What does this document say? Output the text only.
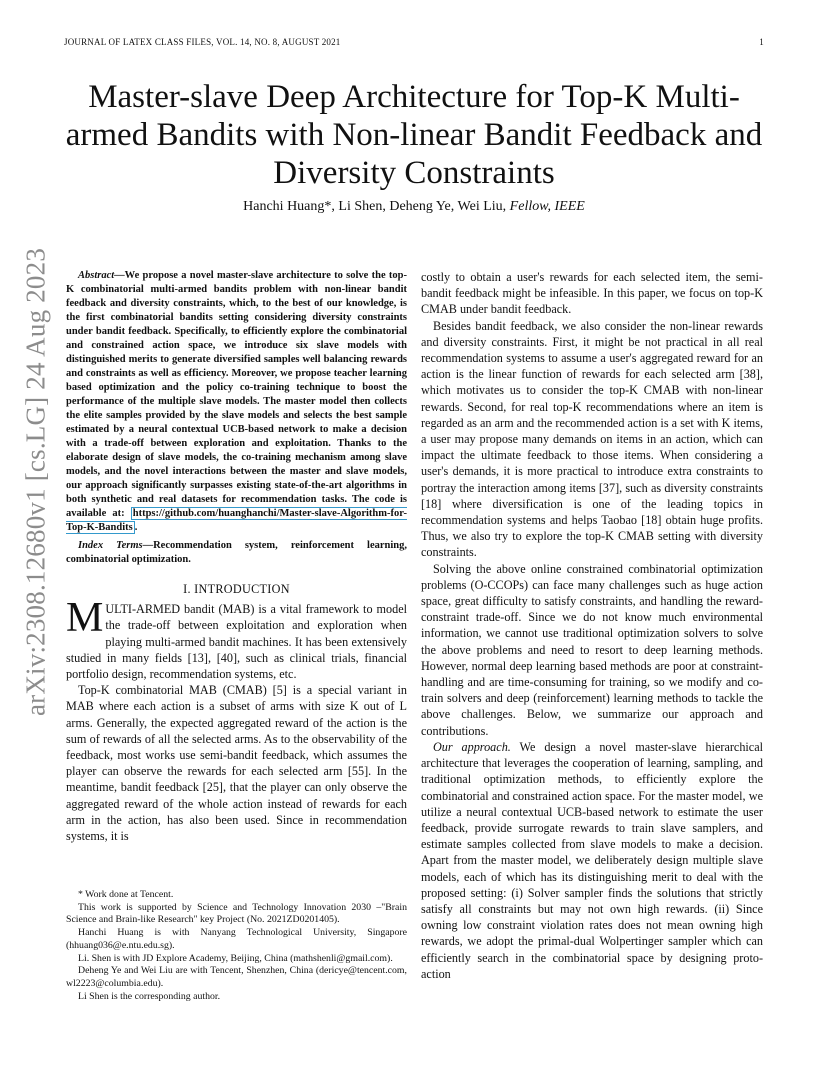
JOURNAL OF LATEX CLASS FILES, VOL. 14, NO. 8, AUGUST 2021	1
arXiv:2308.12680v1 [cs.LG] 24 Aug 2023
Master-slave Deep Architecture for Top-K Multi-armed Bandits with Non-linear Bandit Feedback and Diversity Constraints
Hanchi Huang*, Li Shen, Deheng Ye, Wei Liu, Fellow, IEEE

Abstract—We propose a novel master-slave architecture to solve the top-K combinatorial multi-armed bandits problem with non-linear bandit feedback and diversity constraints, which, to the best of our knowledge, is the first combinatorial bandits setting considering diversity constraints under bandit feedback. Specifically, to efficiently explore the combinatorial and constrained action space, we introduce six slave models with distinguished merits to generate diversified samples well balancing rewards and constraints as well as efficiency. Moreover, we propose teacher learning based optimization and the policy co-training technique to boost the performance of the multiple slave models. The master model then collects the elite samples provided by the slave models and selects the best sample estimated by a neural contextual UCB-based network to make a decision with a trade-off between exploration and exploitation. Thanks to the elaborate design of slave models, the co-training mechanism among slave models, and the novel interactions between the master and slave models, our approach significantly surpasses existing state-of-the-art algorithms in both synthetic and real datasets for recommendation tasks. The code is available at: https://github.com/huanghanchi/Master-slave-Algorithm-for-Top-K-Bandits .

Index Terms—Recommendation system, reinforcement learning, combinatorial optimization.

I. INTRODUCTION

MULTI-ARMED bandit (MAB) is a vital framework to model the trade-off between exploitation and exploration when playing multi-armed bandit machines. It has been extensively studied in many fields [13], [40], such as clinical trials, financial portfolio design, recommendation systems, etc.

Top-K combinatorial MAB (CMAB) [5] is a special variant in MAB where each action is a subset of arms with size K out of L arms. Generally, the expected aggregated reward of the action is the sum of rewards of all the selected arms. As to the observability of the feedback, most works use semi-bandit feedback, which assumes the player can observe the rewards for each selected arm [55]. In the meantime, bandit feedback [25], that the player can only observe the aggregated reward of the whole action instead of rewards for each arm in the action, has also been used. Since in recommendation systems, it is

* Work done at Tencent.

This work is supported by Science and Technology Innovation 2030 –"Brain Science and Brain-like Research" key Project (No. 2021ZD0201405).

Hanchi Huang is with Nanyang Technological University, Singapore (hhuang036@e.ntu.edu.sg).

Li. Shen is with JD Explore Academy, Beijing, China (mathshenli@gmail.com).

Deheng Ye and Wei Liu are with Tencent, Shenzhen, China (dericye@tencent.com, wl2223@columbia.edu).

Li Shen is the corresponding author.

costly to obtain a user's rewards for each selected item, the semi-bandit feedback might be infeasible. In this paper, we focus on top-K CMAB under bandit feedback.

Besides bandit feedback, we also consider the non-linear rewards and diversity constraints. First, it might be not practical in all real recommendation systems to assume a user's aggregated reward for an action is the linear function of rewards for each selected arm [38], which motivates us to consider the top-K CMAB with non-linear rewards. Second, for real top-K recommendations where an item is regarded as an arm and the recommended action is a set with K items, a user may propose many demands on items in an action, which can impact the ultimate feedback to those items. When considering a user's demands, it is more practical to introduce extra constraints to portray the interaction among items [37], such as diversity constraints [18] where diversification is one of the leading topics in recommendation systems and helps Taobao [18] obtain huge profits. Thus, we also try to explore the top-K CMAB setting with diversity constraints.

Solving the above online constrained combinatorial optimization problems (O-CCOPs) can face many challenges such as huge action space, great difficulty to satisfy constraints, and handling the reward-constraint trade-off. Since we do not know much environmental information, we cannot use traditional optimization solvers to solve the above problems and need to resort to deep learning methods. However, normal deep learning based methods are poor at constraint-handling and are time-consuming for training, so we modify and co-train solvers and deep (reinforcement) learning methods to tackle the above challenges. Below, we summarize our approach and contributions.

Our approach. We design a novel master-slave hierarchical architecture that leverages the cooperation of learning, sampling, and traditional optimization methods, to efficiently explore the combinatorial and constrained action space. For the master model, we utilize a neural contextual UCB-based network to estimate the user feedback, provide surrogate rewards to train slave samplers, and estimate samples collected from slave models to make a decision. Apart from the master model, we deliberately design multiple slave models, each of which has its distinguishing merit to deal with the proposed setting: (i) Solver sampler finds the solutions that strictly satisfy all constraints but may not own high rewards. (ii) Since owning low constraint violation rates does not mean owning high rewards, we adopt the primal-dual Wolpertinger sampler which can efficiently search in the combinatorial space by designing proto-action
